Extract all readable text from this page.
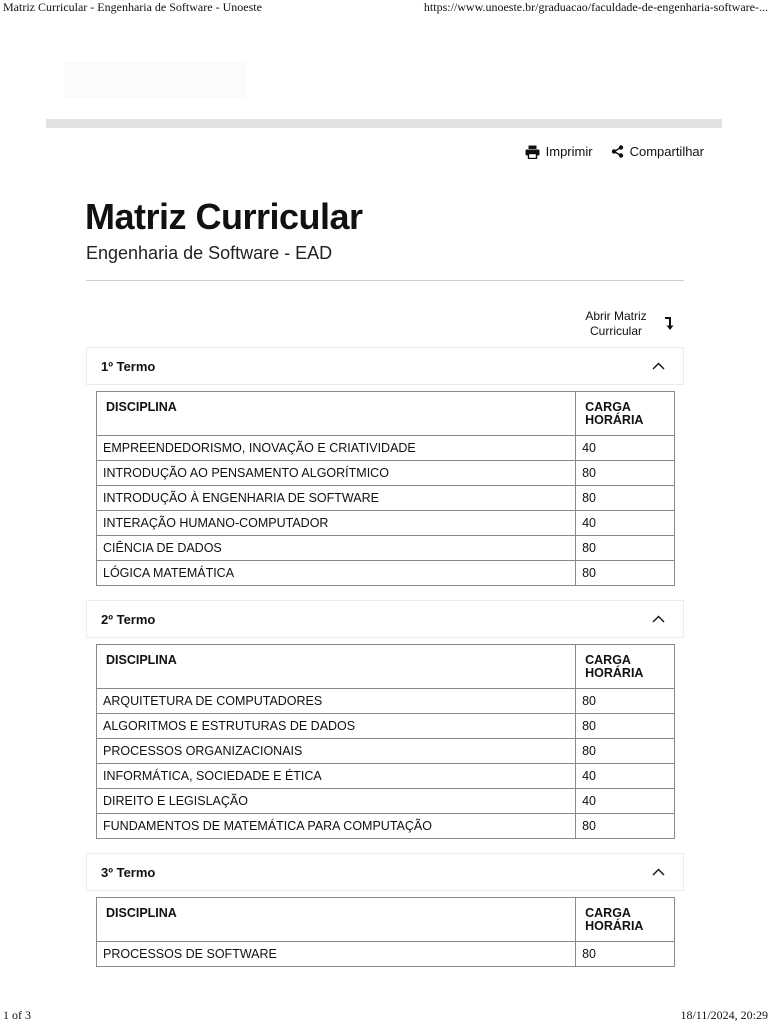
Matriz Curricular - Engenharia de Software - Unoeste	https://www.unoeste.br/graduacao/faculdade-de-engenharia-software-...
Imprimir	Compartilhar
Matriz Curricular
Engenharia de Software - EAD
Abrir Matriz
Curricular
1º Termo
DISCIPLINA	CARGA
HORÁRIA
EMPREENDEDORISMO, INOVAÇÃO E CRIATIVIDADE	40
INTRODUÇÃO AO PENSAMENTO ALGORÍTMICO	80
INTRODUÇÃO À ENGENHARIA DE SOFTWARE	80
INTERAÇÃO HUMANO-COMPUTADOR	40
CIÊNCIA DE DADOS	80
LÓGICA MATEMÁTICA	80
2º Termo
DISCIPLINA	CARGA
HORÁRIA
ARQUITETURA DE COMPUTADORES	80
ALGORITMOS E ESTRUTURAS DE DADOS	80
PROCESSOS ORGANIZACIONAIS	80
INFORMÁTICA, SOCIEDADE E ÉTICA	40
DIREITO E LEGISLAÇÃO	40
FUNDAMENTOS DE MATEMÁTICA PARA COMPUTAÇÃO	80
3º Termo
DISCIPLINA	CARGA
HORÁRIA
PROCESSOS DE SOFTWARE	80
1 of 3	18/11/2024, 20:29
